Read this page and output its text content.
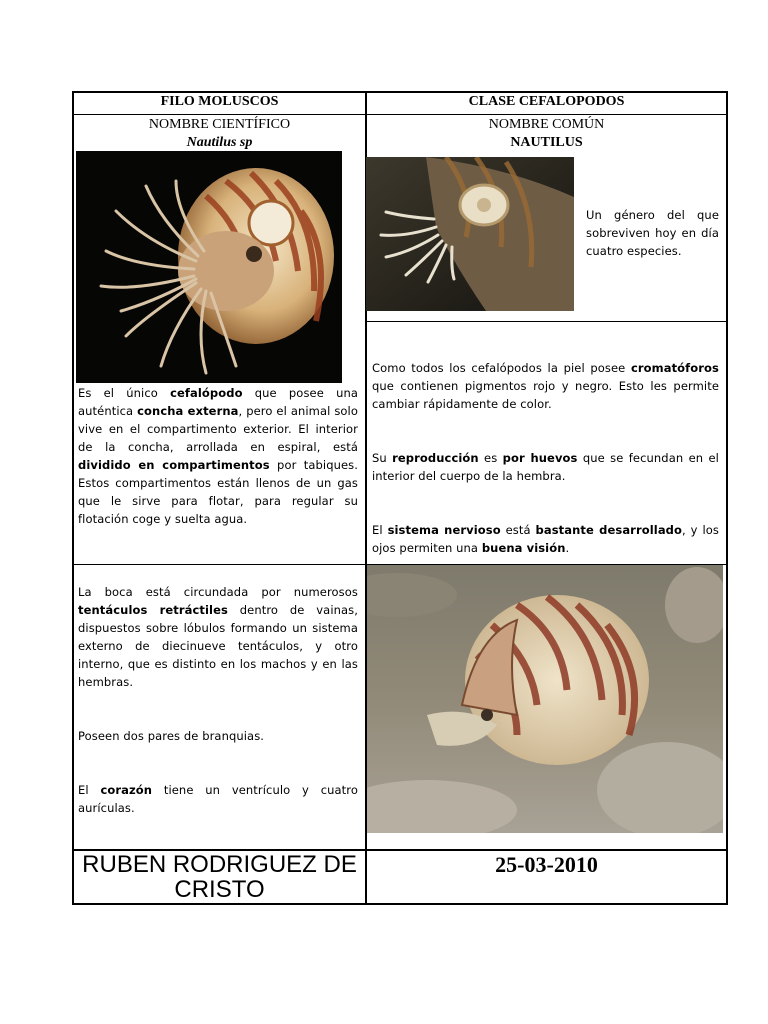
FILO MOLUSCOS	CLASE CEFALOPODOS
NOMBRE CIENTÍFICO
Nautilus sp
NOMBRE COMÚN
NAUTILUS
Un género del que sobreviven hoy en día cuatro especies.

Es el único cefalópodo que posee una auténtica concha externa, pero el animal solo vive en el compartimento exterior. El interior de la concha, arrollada en espiral, está dividido en compartimentos por tabiques. Estos compartimentos están llenos de un gas que le sirve para flotar, para regular su flotación coge y suelta agua.

Como todos los cefalópodos la piel posee cromatóforos que contienen pigmentos rojo y negro. Esto les permite cambiar rápidamente de color.

Su reproducción es por huevos que se fecundan en el interior del cuerpo de la hembra.

El sistema nervioso está bastante desarrollado, y los ojos permiten una buena visión.

La boca está circundada por numerosos tentáculos retráctiles dentro de vainas, dispuestos sobre lóbulos formando un sistema externo de diecinueve tentáculos, y otro interno, que es distinto en los machos y en las hembras.

Poseen dos pares de branquias.

El corazón tiene un ventrículo y cuatro aurículas.

RUBEN RODRIGUEZ DE CRISTO
25-03-2010
